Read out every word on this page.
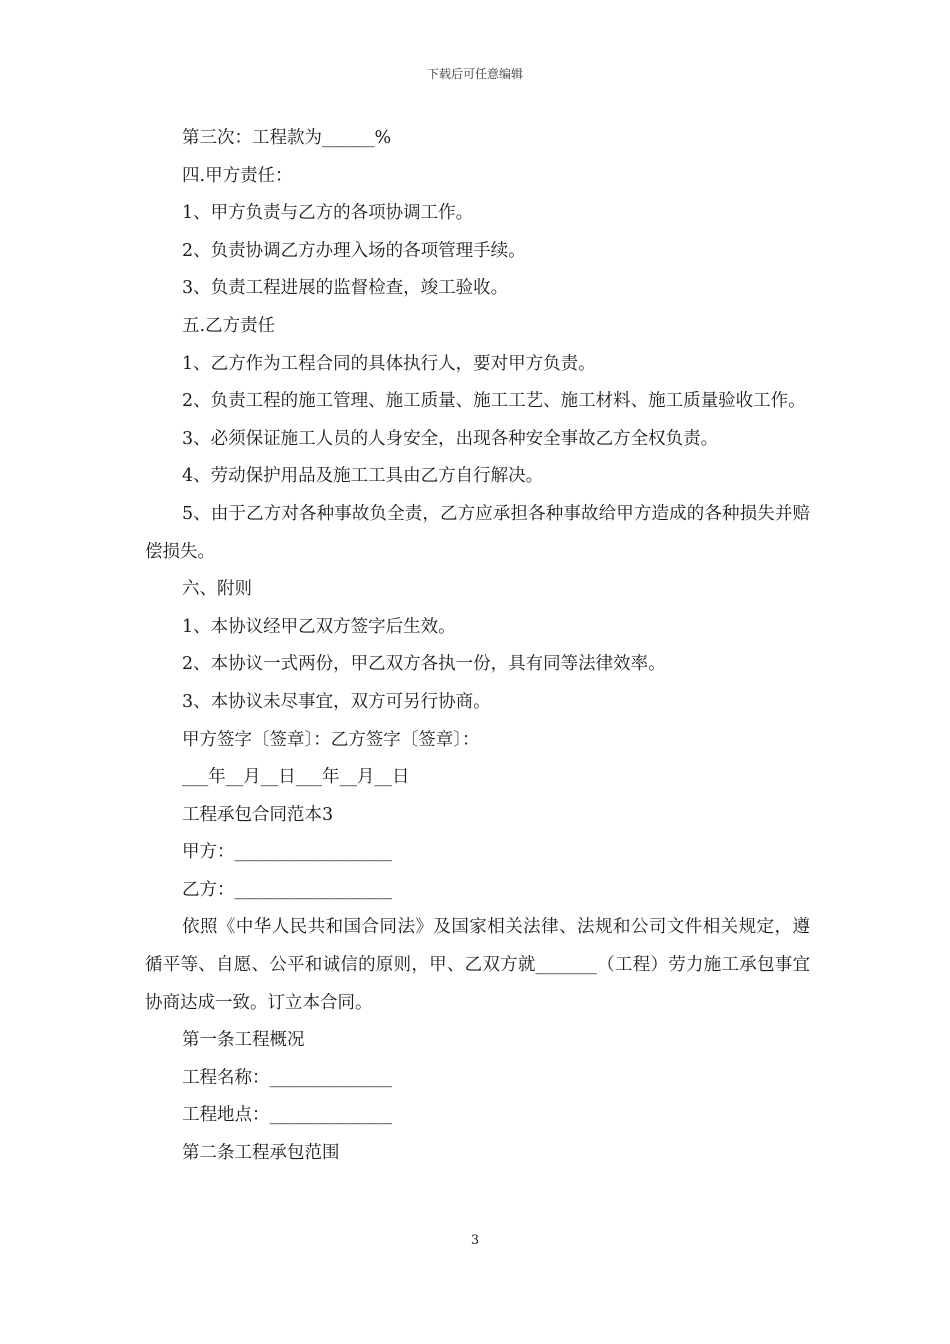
下载后可任意编辑

第三次：工程款为______%

四.甲方责任：

1、甲方负责与乙方的各项协调工作。

2、负责协调乙方办理入场的各项管理手续。

3、负责工程进展的监督检查，竣工验收。

五.乙方责任

1、乙方作为工程合同的具体执行人，要对甲方负责。

2、负责工程的施工管理、施工质量、施工工艺、施工材料、施工质量验收工作。

3、必须保证施工人员的人身安全，出现各种安全事故乙方全权负责。

4、劳动保护用品及施工工具由乙方自行解决。

5、由于乙方对各种事故负全责，乙方应承担各种事故给甲方造成的各种损失并赔偿损失。

六、附则

1、本协议经甲乙双方签字后生效。

2、本协议一式两份，甲乙双方各执一份，具有同等法律效率。

3、本协议未尽事宜，双方可另行协商。

甲方签字〔签章〕：乙方签字〔签章〕：

___年__月__日___年__月__日

工程承包合同范本3

甲方：__________________

乙方：__________________

依照《中华人民共和国合同法》及国家相关法律、法规和公司文件相关规定，遵循平等、自愿、公平和诚信的原则，甲、乙双方就_______（工程）劳力施工承包事宜协商达成一致。订立本合同。

第一条工程概况

工程名称：______________

工程地点：______________

第二条工程承包范围

3
